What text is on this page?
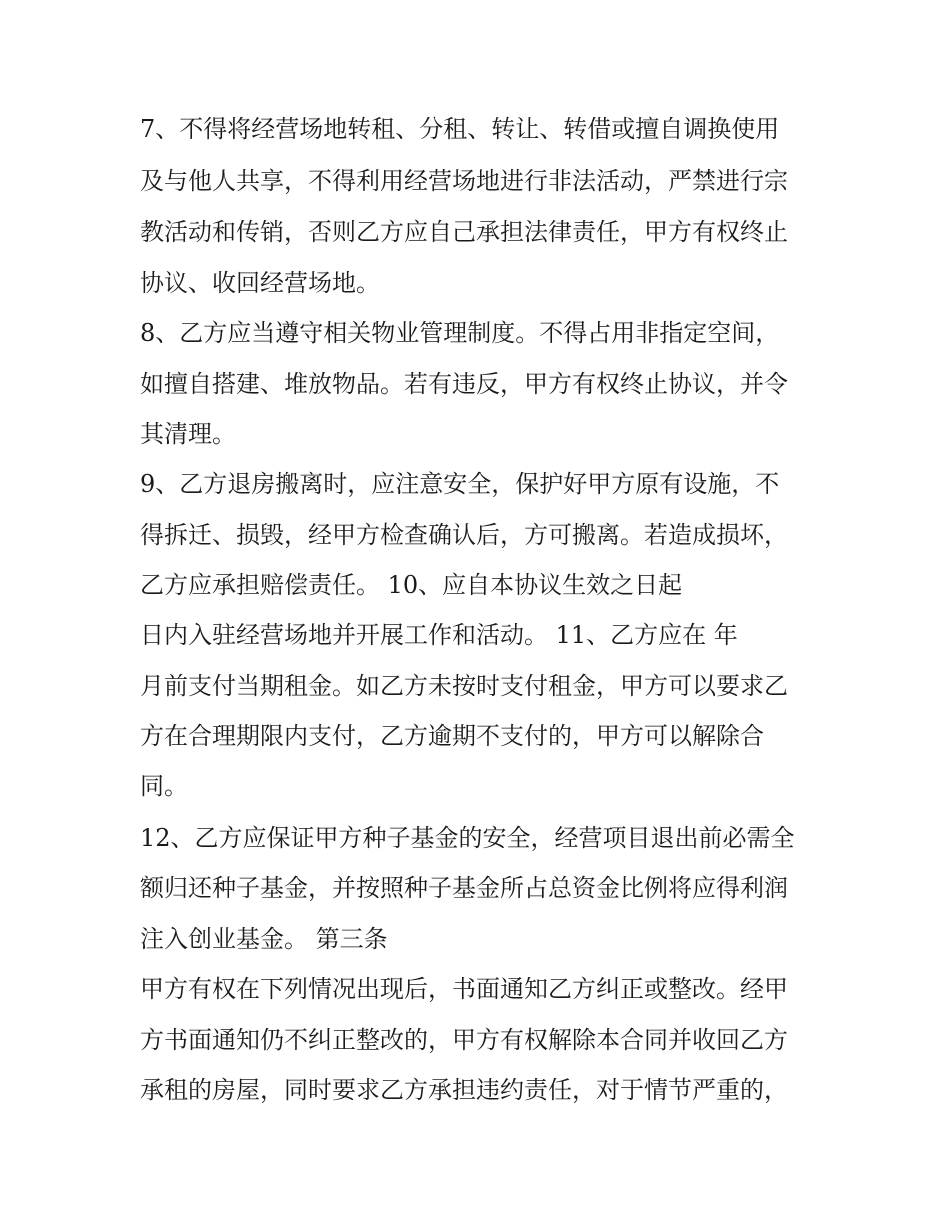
7、不得将经营场地转租、分租、转让、转借或擅自调换使用
及与他人共享，不得利用经营场地进行非法活动，严禁进行宗
教活动和传销，否则乙方应自己承担法律责任，甲方有权终止
协议、收回经营场地。
8、乙方应当遵守相关物业管理制度。不得占用非指定空间，
如擅自搭建、堆放物品。若有违反，甲方有权终止协议，并令
其清理。
9、乙方退房搬离时，应注意安全，保护好甲方原有设施，不
得拆迁、损毁，经甲方检查确认后，方可搬离。若造成损坏，
乙方应承担赔偿责任。 10、应自本协议生效之日起
日内入驻经营场地并开展工作和活动。 11、乙方应在 年
月前支付当期租金。如乙方未按时支付租金，甲方可以要求乙
方在合理期限内支付，乙方逾期不支付的，甲方可以解除合
同。
12、乙方应保证甲方种子基金的安全，经营项目退出前必需全
额归还种子基金，并按照种子基金所占总资金比例将应得利润
注入创业基金。 第三条
甲方有权在下列情况出现后，书面通知乙方纠正或整改。经甲
方书面通知仍不纠正整改的，甲方有权解除本合同并收回乙方
承租的房屋，同时要求乙方承担违约责任，对于情节严重的，
